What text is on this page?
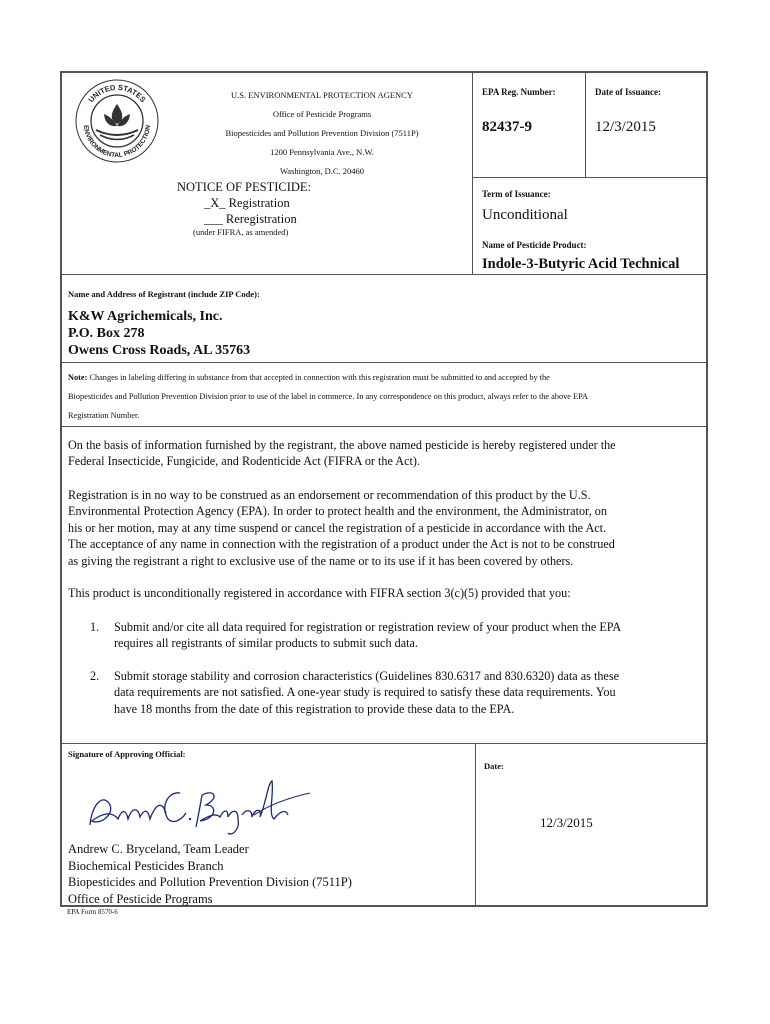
UNITED STATES
ENVIRONMENTAL PROTECTION
U.S. ENVIRONMENTAL PROTECTION AGENCY
Office of Pesticide Programs
Biopesticides and Pollution Prevention Division (7511P)
1200 Pennsylvania Ave., N.W.
Washington, D.C. 20460
NOTICE OF PESTICIDE:
_X_ Registration
___ Reregistration
(under FIFRA, as amended)
EPA Reg. Number:
82437-9
Date of Issuance:
12/3/2015
Term of Issuance:
Unconditional
Name of Pesticide Product:
Indole-3-Butyric Acid Technical
Name and Address of Registrant (include ZIP Code):
K&W Agrichemicals, Inc.
P.O. Box 278
Owens Cross Roads, AL 35763
Note: Changes in labeling differing in substance from that accepted in connection with this registration must be submitted to and accepted by the
Biopesticides and Pollution Prevention Division prior to use of the label in commerce. In any correspondence on this product, always refer to the above EPA
Registration Number.
On the basis of information furnished by the registrant, the above named pesticide is hereby registered under the
Federal Insecticide, Fungicide, and Rodenticide Act (FIFRA or the Act).
Registration is in no way to be construed as an endorsement or recommendation of this product by the U.S.
Environmental Protection Agency (EPA). In order to protect health and the environment, the Administrator, on
his or her motion, may at any time suspend or cancel the registration of a pesticide in accordance with the Act.
The acceptance of any name in connection with the registration of a product under the Act is not to be construed
as giving the registrant a right to exclusive use of the name or to its use if it has been covered by others.
This product is unconditionally registered in accordance with FIFRA section 3(c)(5) provided that you:
1. Submit and/or cite all data required for registration or registration review of your product when the EPA
requires all registrants of similar products to submit such data.
2. Submit storage stability and corrosion characteristics (Guidelines 830.6317 and 830.6320) data as these
data requirements are not satisfied. A one-year study is required to satisfy these data requirements. You
have 18 months from the date of this registration to provide these data to the EPA.
Signature of Approving Official:
Andrew C. Bryceland
Andrew C. Bryceland, Team Leader
Biochemical Pesticides Branch
Biopesticides and Pollution Prevention Division (7511P)
Office of Pesticide Programs
Date:
12/3/2015
EPA Form 8570-6
